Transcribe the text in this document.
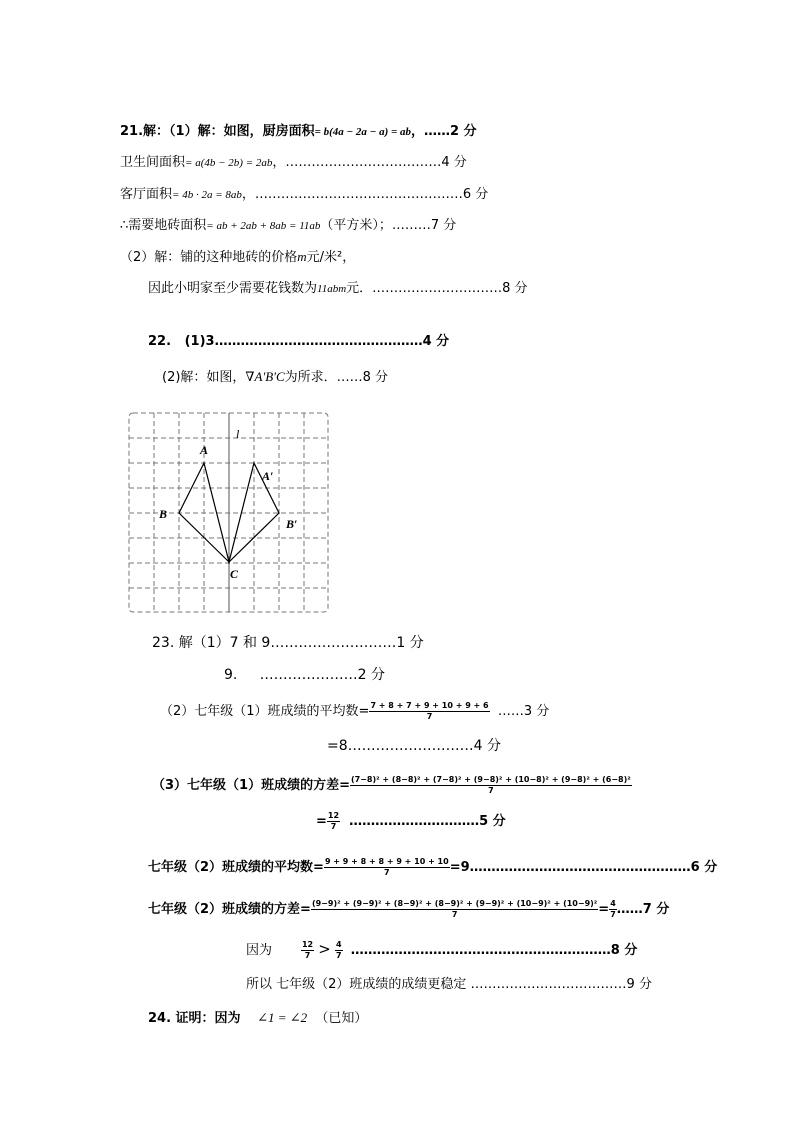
21.解：（1）解：如图，厨房面积= b(4a − 2a − a) = ab，……2 分
卫生间面积= a(4b − 2b) = 2ab，………………………………4 分
客厅面积= 4b · 2a = 8ab，…………………………………………6 分
∴需要地砖面积= ab + 2ab + 8ab = 11ab（平方米）；………7 分
（2）解：铺的这种地砖的价格m元/米²，
因此小明家至少需要花钱数为11abm元．…………………………8 分
22. (1)3…………………………………………4 分
(2)解：如图，∇A'B'C为所求．……8 分
l
A
B
C
A′
B′
23. 解（1）7 和 9………………………1 分
9. …………………2 分
（2）七年级（1）班成绩的平均数= $\frac{7 + 8 + 7 + 9 + 10 + 9 + 6}{7}$ ……3 分
=8………………………4 分
（3）七年级（1）班成绩的方差= (7−8)² + (8−8)² + (7−8)² + (9−8)² + (10−8)² + (9−8)² + (6−8)²
7
= $\frac{12}{7}$ …………………………5 分
七年级（2）班成绩的平均数= $\frac{9 + 9 + 8 + 8 + 9 + 10 + 10}{7}$ =9……………………………………………6 分
七年级（2）班成绩的方差= (9−9)² + (9−9)² + (8−9)² + (8−9)² + (9−9)² + (10−9)² + (10−9)²
7	= $\frac{4}{7}$ ……7 分
因为	$\frac{12}{7} > \frac{4}{7}$ ……………………………………………………8 分
所以 七年级（2）班成绩的成绩更稳定 ………………………………9 分
24. 证明：因为 ∠1 = ∠2 （已知）
